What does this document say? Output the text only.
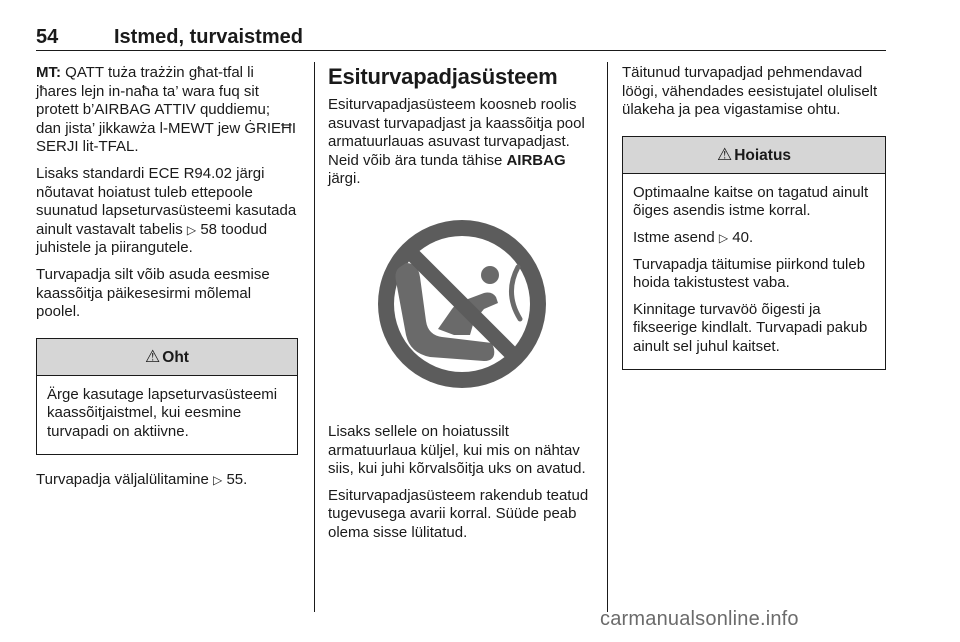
54	Istmed, turvaistmed

MT: QATT tuża trażżin għat-tfal li jħares lejn in-naħa ta’ wara fuq sit protett b’AIRBAG ATTIV quddiemu; dan jista’ jikkawża l-MEWT jew ĠRIEĦI SERJI lit-TFAL.

Lisaks standardi ECE R94.02 järgi nõutavat hoiatust tuleb ettepoole suunatud lapseturvasüsteemi kasutada ainult vastavalt tabelis ▷ 58 toodud juhistele ja piirangutele.

Turvapadja silt võib asuda eesmise kaassõitja päikesesirmi mõlemal poolel.

⚠ Oht

Ärge kasutage lapseturvasüsteemi kaassõitjaistmel, kui eesmine turvapadi on aktiivne.

Turvapadja väljalülitamine ▷ 55.

Esiturvapadjasüsteem

Esiturvapadjasüsteem koosneb roolis asuvast turvapadjast ja kaassõitja pool armatuurlauas asuvast turvapadjast. Neid võib ära tunda tähise AIRBAG järgi.

Lisaks sellele on hoiatussilt armatuurlaua küljel, kui mis on nähtav siis, kui juhi kõrvalsõitja uks on avatud.

Esiturvapadjasüsteem rakendub teatud tugevusega avarii korral. Süüde peab olema sisse lülitatud.

Täitunud turvapadjad pehmendavad löögi, vähendades eesistujatel oluliselt ülakeha ja pea vigastamise ohtu.

⚠ Hoiatus

Optimaalne kaitse on tagatud ainult õiges asendis istme korral.

Istme asend ▷ 40.

Turvapadja täitumise piirkond tuleb hoida takistustest vaba.

Kinnitage turvavöö õigesti ja fikseerige kindlalt. Turvapadi pakub ainult sel juhul kaitset.

carmanualsonline.info
